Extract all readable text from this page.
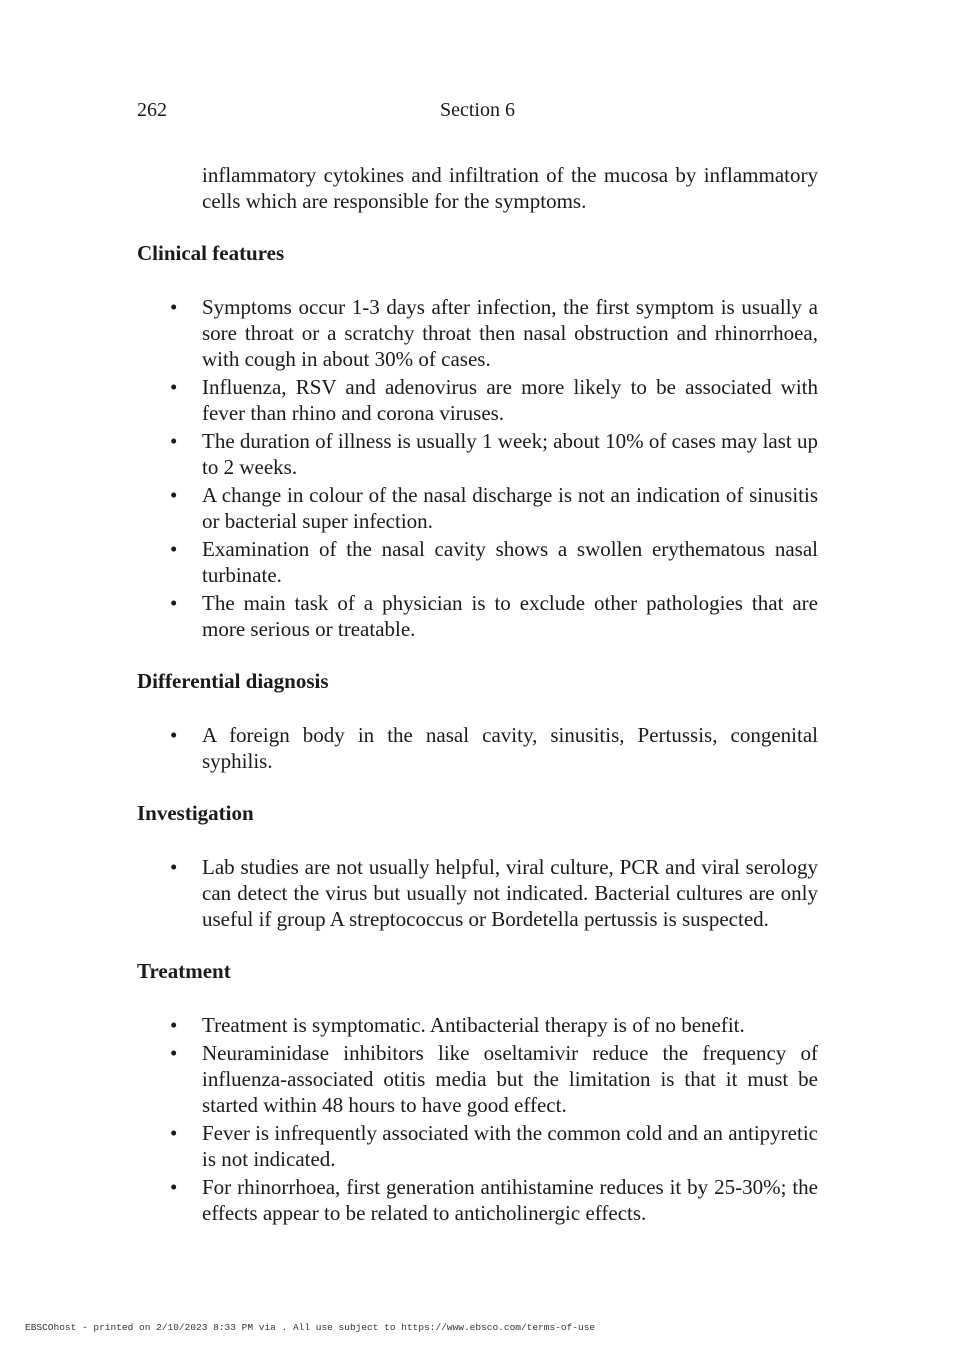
262	Section 6

inflammatory cytokines and infiltration of the mucosa by inflammatory cells which are responsible for the symptoms.

Clinical features
• Symptoms occur 1-3 days after infection, the first symptom is usually a sore throat or a scratchy throat then nasal obstruction and rhinorrhoea, with cough in about 30% of cases.
• Influenza, RSV and adenovirus are more likely to be associated with fever than rhino and corona viruses.
• The duration of illness is usually 1 week; about 10% of cases may last up to 2 weeks.
• A change in colour of the nasal discharge is not an indication of sinusitis or bacterial super infection.
• Examination of the nasal cavity shows a swollen erythematous nasal turbinate.
• The main task of a physician is to exclude other pathologies that are more serious or treatable.
Differential diagnosis
• A foreign body in the nasal cavity, sinusitis, Pertussis, congenital syphilis.
Investigation
• Lab studies are not usually helpful, viral culture, PCR and viral serology can detect the virus but usually not indicated. Bacterial cultures are only useful if group A streptococcus or Bordetella pertussis is suspected.
Treatment
• Treatment is symptomatic. Antibacterial therapy is of no benefit.
• Neuraminidase inhibitors like oseltamivir reduce the frequency of influenza-associated otitis media but the limitation is that it must be started within 48 hours to have good effect.
• Fever is infrequently associated with the common cold and an antipyretic is not indicated.
• For rhinorrhoea, first generation antihistamine reduces it by 25-30%; the effects appear to be related to anticholinergic effects.
EBSCOhost - printed on 2/10/2023 8:33 PM via . All use subject to https://www.ebsco.com/terms-of-use
